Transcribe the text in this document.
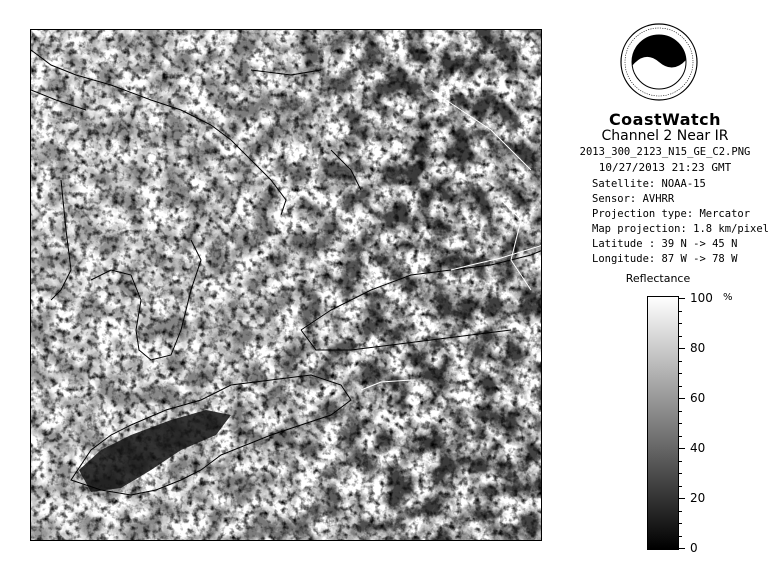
CoastWatch
Channel 2 Near IR
2013_300_2123_N15_GE_C2.PNG
10/27/2013 21:23 GMT
Satellite: NOAA-15
Sensor: AVHRR
Projection type: Mercator
Map projection: 1.8 km/pixel
Latitude : 39 N -> 45 N
Longitude: 87 W -> 78 W
Reflectance
%
100
80
60
40
20
0
